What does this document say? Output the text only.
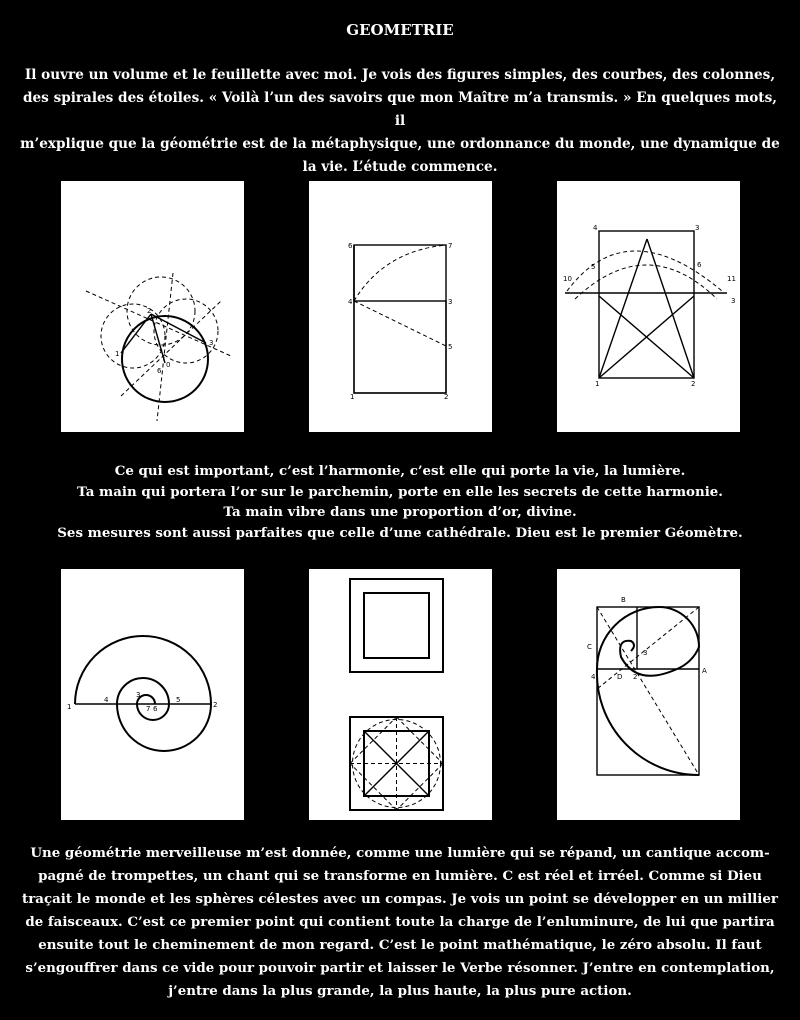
GEOMETRIE

Il ouvre un volume et le feuillette avec moi. Je vois des figures simples, des courbes, des colonnes,
des spirales des étoiles. « Voilà l’un des savoirs que mon Maître m’a transmis. » En quelques mots, il
m’explique que la géométrie est de la métaphysique, une ordonnance du monde, une dynamique de
la vie. L’étude commence.

1
2
3
0
6
6	7
4	3
5
1	2
4	3
5	6
10	11
3
1	2

Ce qui est important, c’est l’harmonie, c’est elle qui porte la vie, la lumière.
Ta main qui portera l’or sur le parchemin, porte en elle les secrets de cette harmonie.
Ta main vibre dans une proportion d’or, divine.
Ses mesures sont aussi parfaites que celle d’une cathédrale. Dieu est le premier Géomètre.

1
4
3
7 6
5
2
B
C
4	D 2
A
3

Une géométrie merveilleuse m’est donnée, comme une lumière qui se répand, un cantique accom-
pagné de trompettes, un chant qui se transforme en lumière. C est réel et irréel. Comme si Dieu
traçait le monde et les sphères célestes avec un compas. Je vois un point se développer en un millier
de faisceaux. C’est ce premier point qui contient toute la charge de l’enluminure, de lui que partira
ensuite tout le cheminement de mon regard. C’est le point mathématique, le zéro absolu. Il faut
s’engouffrer dans ce vide pour pouvoir partir et laisser le Verbe résonner. J’entre en contemplation,
j’entre dans la plus grande, la plus haute, la plus pure action.
